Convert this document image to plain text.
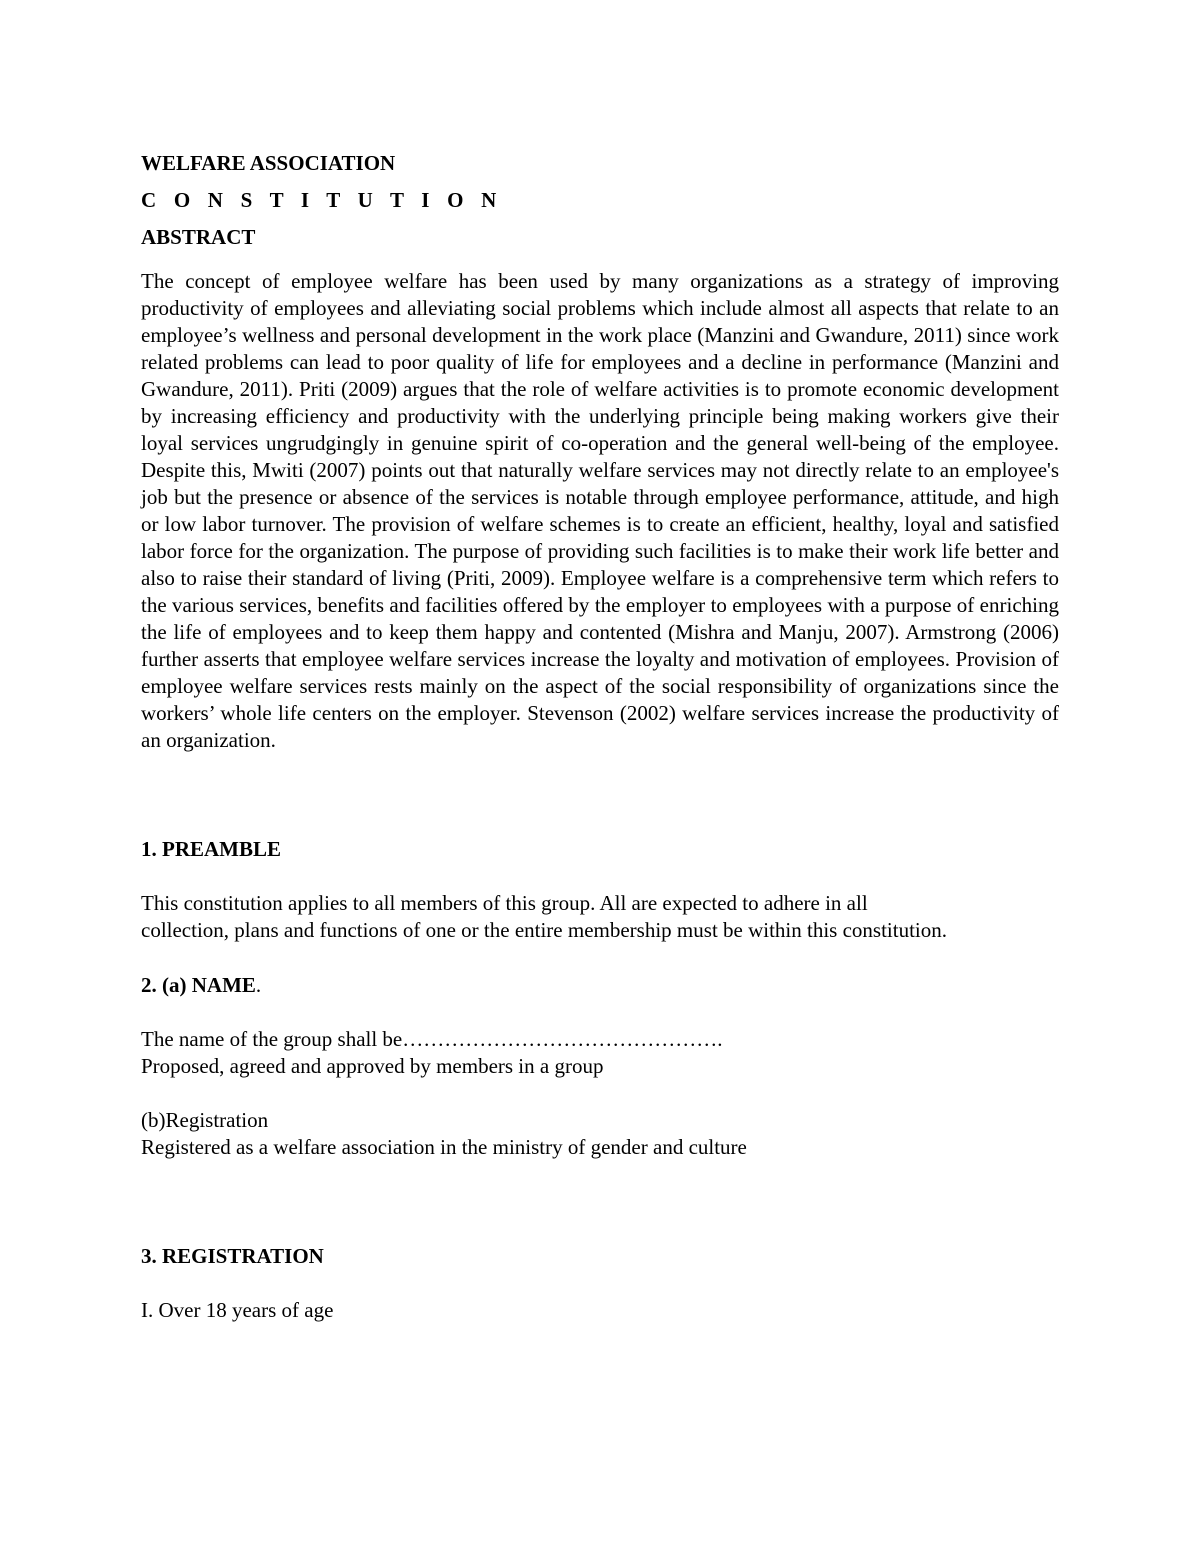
WELFARE ASSOCIATION

C O N S T I T U T I O N

ABSTRACT

The concept of employee welfare has been used by many organizations as a strategy of improving productivity of employees and alleviating social problems which include almost all aspects that relate to an employee’s wellness and personal development in the work place (Manzini and Gwandure, 2011) since work related problems can lead to poor quality of life for employees and a decline in performance (Manzini and Gwandure, 2011). Priti (2009) argues that the role of welfare activities is to promote economic development by increasing efficiency and productivity with the underlying principle being making workers give their loyal services ungrudgingly in genuine spirit of co-operation and the general well-being of the employee. Despite this, Mwiti (2007) points out that naturally welfare services may not directly relate to an employee's job but the presence or absence of the services is notable through employee performance, attitude, and high or low labor turnover. The provision of welfare schemes is to create an efficient, healthy, loyal and satisfied labor force for the organization. The purpose of providing such facilities is to make their work life better and also to raise their standard of living (Priti, 2009). Employee welfare is a comprehensive term which refers to the various services, benefits and facilities offered by the employer to employees with a purpose of enriching the life of employees and to keep them happy and contented (Mishra and Manju, 2007). Armstrong (2006) further asserts that employee welfare services increase the loyalty and motivation of employees. Provision of employee welfare services rests mainly on the aspect of the social responsibility of organizations since the workers’ whole life centers on the employer. Stevenson (2002) welfare services increase the productivity of an organization.

1. PREAMBLE

This constitution applies to all members of this group. All are expected to adhere in all
collection, plans and functions of one or the entire membership must be within this constitution.

2. (a) NAME.

The name of the group shall be……………………………………….
Proposed, agreed and approved by members in a group
(b)Registration
Registered as a welfare association in the ministry of gender and culture

3. REGISTRATION

I. Over 18 years of age
